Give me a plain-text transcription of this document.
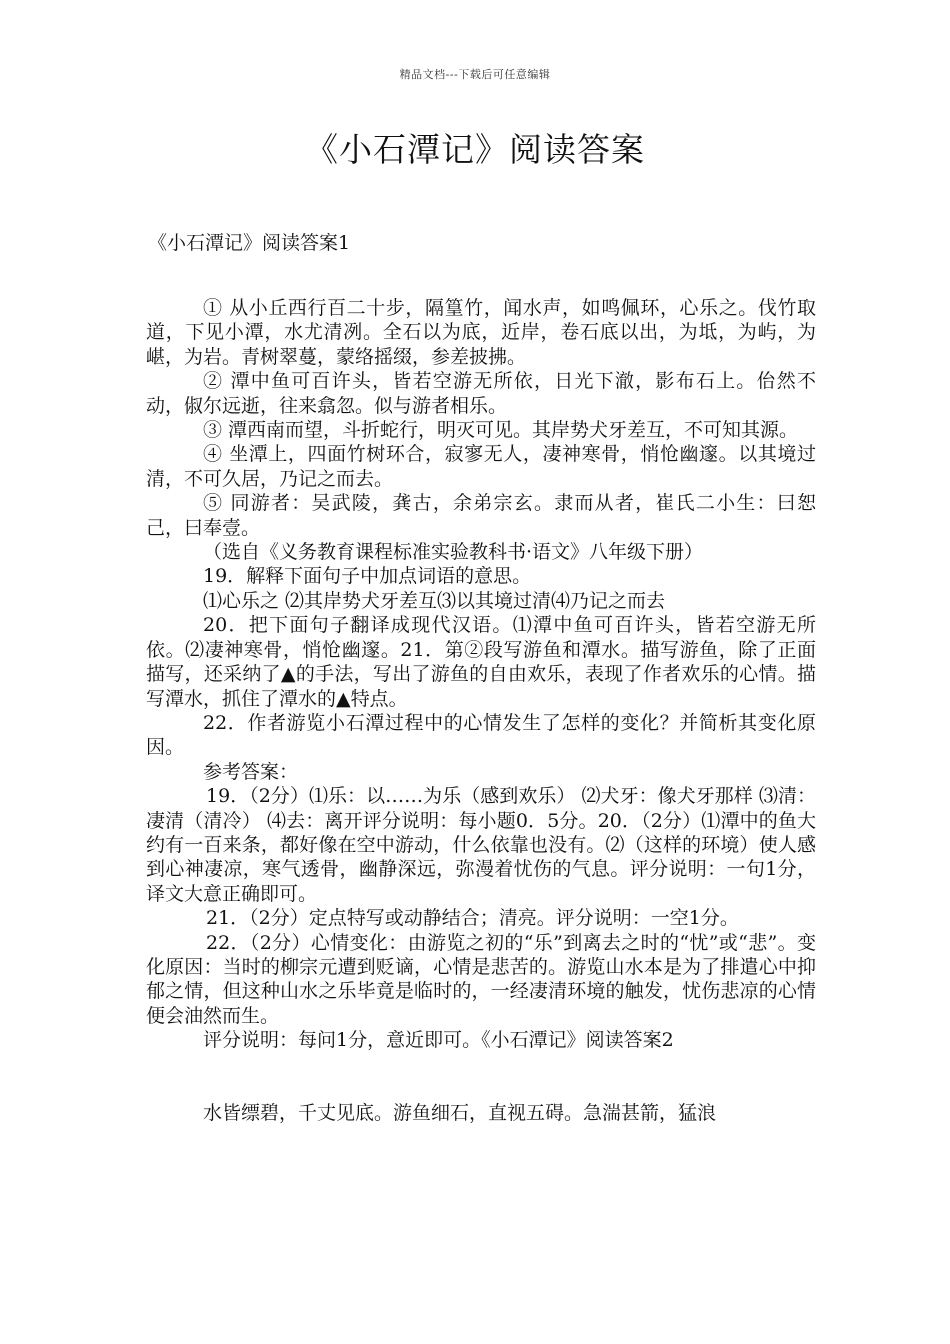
精品文档---下载后可任意编辑
《小石潭记》阅读答案
《小石潭记》阅读答案1

① 从小丘西行百二十步，隔篁竹，闻水声，如鸣佩环，心乐之。伐竹取道，下见小潭，水尤清冽。全石以为底，近岸，卷石底以出，为坻，为屿，为嵁，为岩。青树翠蔓，蒙络摇缀，参差披拂。

② 潭中鱼可百许头，皆若空游无所依，日光下澈，影布石上。佁然不动，俶尔远逝，往来翕忽。似与游者相乐。

③ 潭西南而望，斗折蛇行，明灭可见。其岸势犬牙差互，不可知其源。

④ 坐潭上，四面竹树环合，寂寥无人，凄神寒骨，悄怆幽邃。以其境过清，不可久居，乃记之而去。

⑤ 同游者：吴武陵，龚古，余弟宗玄。隶而从者，崔氏二小生：曰恕己，曰奉壹。

（选自《义务教育课程标准实验教科书·语文》八年级下册）

19．解释下面句子中加点词语的意思。

⑴心乐之 ⑵其岸势犬牙差互⑶以其境过清⑷乃记之而去

20．把下面句子翻译成现代汉语。⑴潭中鱼可百许头，皆若空游无所依。⑵凄神寒骨，悄怆幽邃。21．第②段写游鱼和潭水。描写游鱼，除了正面描写，还采纳了▲的手法，写出了游鱼的自由欢乐，表现了作者欢乐的心情。描写潭水，抓住了潭水的▲特点。

22．作者游览小石潭过程中的心情发生了怎样的变化？并简析其变化原因。

参考答案：

19．（2分）⑴乐：以……为乐（感到欢乐） ⑵犬牙：像犬牙那样 ⑶清：凄清（清冷） ⑷去：离开评分说明：每小题0．5分。20．（2分）⑴潭中的鱼大约有一百来条，都好像在空中游动，什么依靠也没有。⑵（这样的环境）使人感到心神凄凉，寒气透骨，幽静深远，弥漫着忧伤的气息。评分说明：一句1分，译文大意正确即可。

21．（2分）定点特写或动静结合；清亮。评分说明：一空1分。

22．（2分）心情变化：由游览之初的“乐”到离去之时的“忧”或“悲”。变化原因：当时的柳宗元遭到贬谪，心情是悲苦的。游览山水本是为了排遣心中抑郁之情，但这种山水之乐毕竟是临时的，一经凄清环境的触发，忧伤悲凉的心情便会油然而生。

评分说明：每问1分，意近即可。《小石潭记》阅读答案2

水皆缥碧，千丈见底。游鱼细石，直视五碍。急湍甚箭，猛浪
